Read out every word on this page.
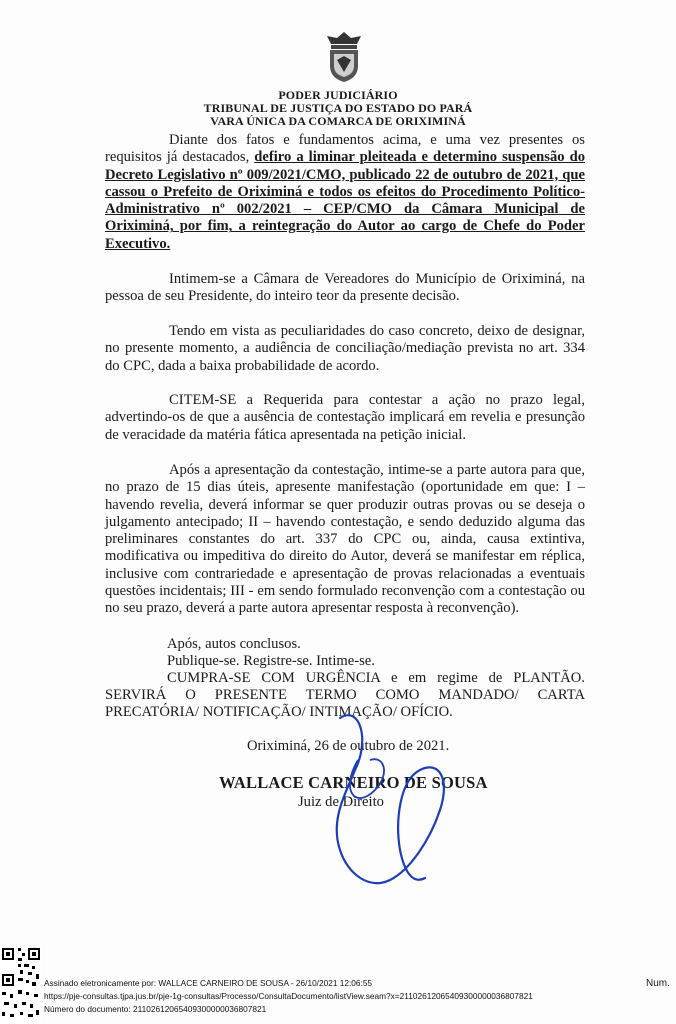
PODER JUDICIÁRIO
TRIBUNAL DE JUSTIÇA DO ESTADO DO PARÁ
VARA ÚNICA DA COMARCA DE ORIXIMINÁ

Diante dos fatos e fundamentos acima, e uma vez presentes os requisitos já destacados, defiro a liminar pleiteada e determino suspensão do Decreto Legislativo nº 009/2021/CMO, publicado 22 de outubro de 2021, que cassou o Prefeito de Oriximiná e todos os efeitos do Procedimento Político-Administrativo nº 002/2021 – CEP/CMO da Câmara Municipal de Oriximiná, por fim, a reintegração do Autor ao cargo de Chefe do Poder Executivo.

Intimem-se a Câmara de Vereadores do Município de Oriximiná, na pessoa de seu Presidente, do inteiro teor da presente decisão.

Tendo em vista as peculiaridades do caso concreto, deixo de designar, no presente momento, a audiência de conciliação/mediação prevista no art. 334 do CPC, dada a baixa probabilidade de acordo.

CITEM-SE a Requerida para contestar a ação no prazo legal, advertindo-os de que a ausência de contestação implicará em revelia e presunção de veracidade da matéria fática apresentada na petição inicial.

Após a apresentação da contestação, intime-se a parte autora para que, no prazo de 15 dias úteis, apresente manifestação (oportunidade em que: I – havendo revelia, deverá informar se quer produzir outras provas ou se deseja o julgamento antecipado; II – havendo contestação, e sendo deduzido alguma das preliminares constantes do art. 337 do CPC ou, ainda, causa extintiva, modificativa ou impeditiva do direito do Autor, deverá se manifestar em réplica, inclusive com contrariedade e apresentação de provas relacionadas a eventuais questões incidentais; III - em sendo formulado reconvenção com a contestação ou no seu prazo, deverá a parte autora apresentar resposta à reconvenção).

Após, autos conclusos.
Publique-se. Registre-se. Intime-se.
CUMPRA-SE COM URGÊNCIA e em regime de PLANTÃO. SERVIRÁ O PRESENTE TERMO COMO MANDADO/ CARTA PRECATÓRIA/ NOTIFICAÇÃO/ INTIMAÇÃO/ OFÍCIO.
Oriximiná, 26 de outubro de 2021.
WALLACE CARNEIRO DE SOUSA
Juiz de Direito
Assinado eletronicamente por: WALLACE CARNEIRO DE SOUSA - 26/10/2021 12:06:55
https://pje-consultas.tjpa.jus.br/pje-1g-consultas/Processo/ConsultaDocumento/listView.seam?x=21102612065409300000036807821
Número do documento: 21102612065409300000036807821
Num.
